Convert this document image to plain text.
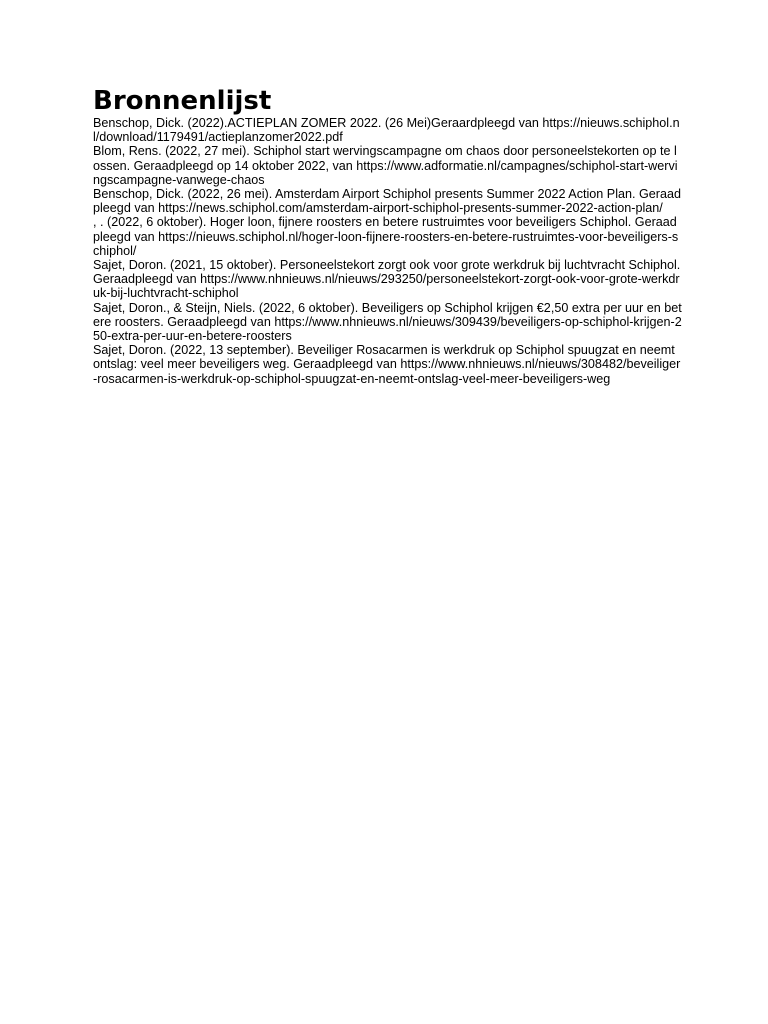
Bronnenlijst
Benschop, Dick. (2022).ACTIEPLAN ZOMER 2022. (26 Mei)Geraardpleegd van https://nieuws.schiphol.nl/download/1179491/actieplanzomer2022.pdf
Blom, Rens. (2022, 27 mei). Schiphol start wervingscampagne om chaos door personeelstekorten op te lossen. Geraadpleegd op 14 oktober 2022, van https://www.adformatie.nl/campagnes/schiphol-start-wervingscampagne-vanwege-chaos
Benschop, Dick. (2022, 26 mei). Amsterdam Airport Schiphol presents Summer 2022 Action Plan. Geraadpleegd van https://news.schiphol.com/amsterdam-airport-schiphol-presents-summer-2022-action-plan/
, . (2022, 6 oktober). Hoger loon, fijnere roosters en betere rustruimtes voor beveiligers Schiphol. Geraadpleegd van https://nieuws.schiphol.nl/hoger-loon-fijnere-roosters-en-betere-rustruimtes-voor-beveiligers-schiphol/
Sajet, Doron. (2021, 15 oktober). Personeelstekort zorgt ook voor grote werkdruk bij luchtvracht Schiphol. Geraadpleegd van https://www.nhnieuws.nl/nieuws/293250/personeelstekort-zorgt-ook-voor-grote-werkdruk-bij-luchtvracht-schiphol
Sajet, Doron., & Steijn, Niels. (2022, 6 oktober). Beveiligers op Schiphol krijgen €2,50 extra per uur en betere roosters. Geraadpleegd van https://www.nhnieuws.nl/nieuws/309439/beveiligers-op-schiphol-krijgen-250-extra-per-uur-en-betere-roosters
Sajet, Doron. (2022, 13 september). Beveiliger Rosacarmen is werkdruk op Schiphol spuugzat en neemt ontslag: veel meer beveiligers weg. Geraadpleegd van https://www.nhnieuws.nl/nieuws/308482/beveiliger-rosacarmen-is-werkdruk-op-schiphol-spuugzat-en-neemt-ontslag-veel-meer-beveiligers-weg
